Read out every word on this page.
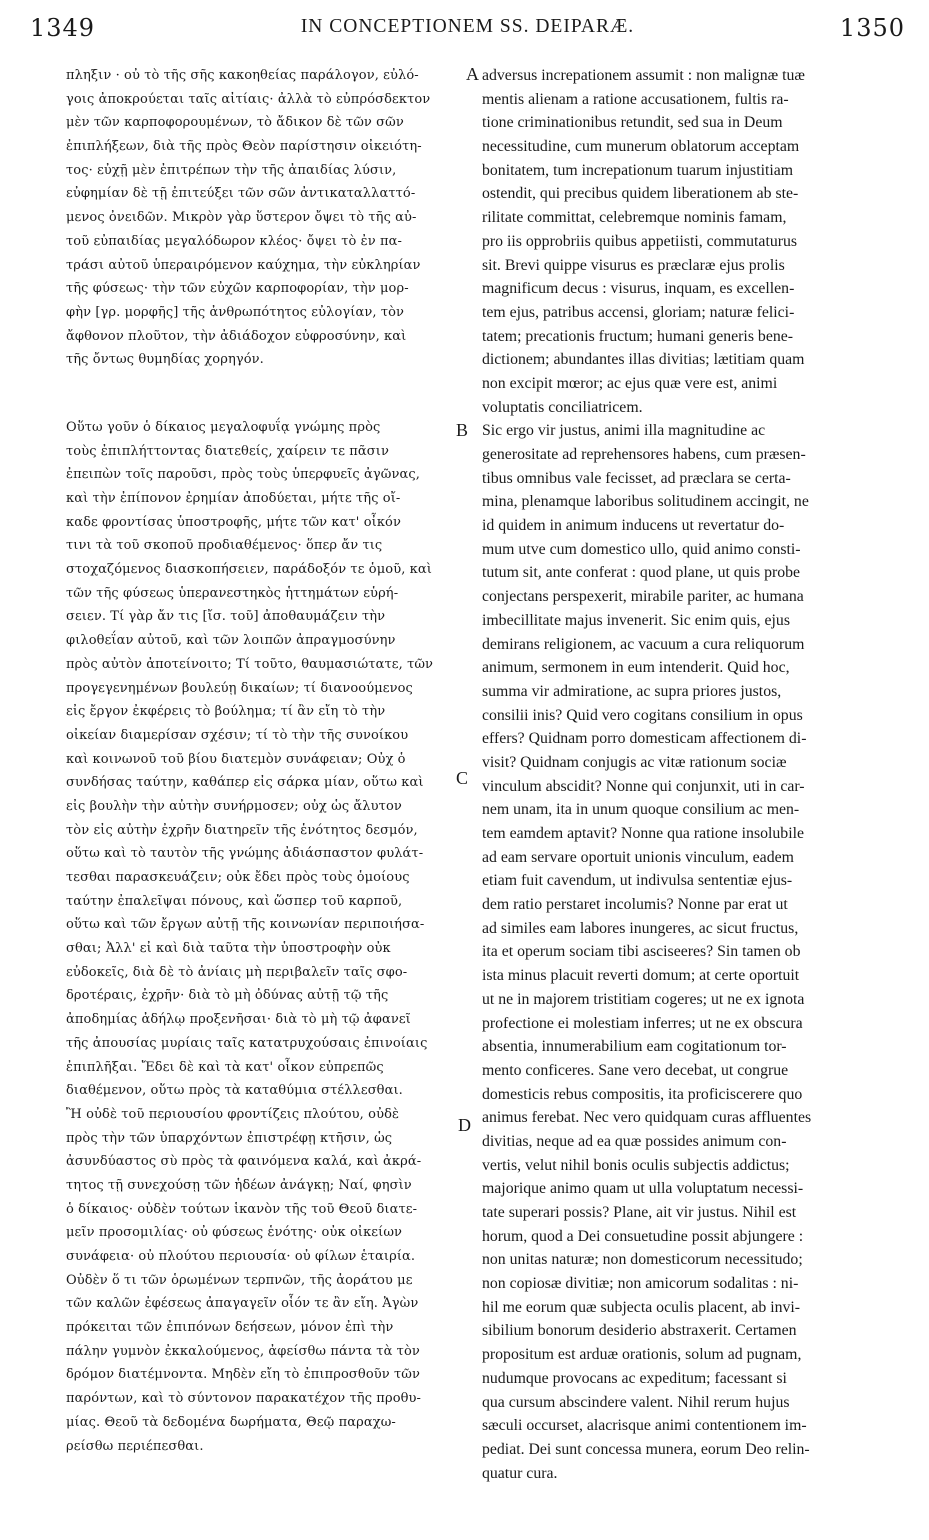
1349	IN CONCEPTIONEM SS. DEIPARÆ.	1350
πληξιν · οὐ τὸ τῆς σῆς κακοηθείας παράλογον, εὐλό-
γοις ἀποκρούεται ταῖς αἰτίαις· ἀλλὰ τὸ εὐπρόσδεκτον
μὲν τῶν καρποφορουμένων, τὸ ἄδικον δὲ τῶν σῶν
ἐπιπλήξεων, διὰ τῆς πρὸς Θεὸν παρίστησιν οἰκειότη-
τος· εὐχῇ μὲν ἐπιτρέπων τὴν τῆς ἀπαιδίας λύσιν,
εὐφημίαν δὲ τῇ ἐπιτεύξει τῶν σῶν ἀντικαταλλαττό-
μενος ὀνειδῶν. Μικρὸν γὰρ ὕστερον ὄψει τὸ τῆς αὐ-
τοῦ εὐπαιδίας μεγαλόδωρον κλέος· ὄψει τὸ ἐν πα-
τράσι αὐτοῦ ὑπεραιρόμενον καύχημα, τὴν εὐκληρίαν
τῆς φύσεως· τὴν τῶν εὐχῶν καρποφορίαν, τὴν μορ-
φὴν [γρ. μορφῆς] τῆς ἀνθρωπότητος εὐλογίαν, τὸν
ἄφθονον πλοῦτον, τὴν ἀδιάδοχον εὐφροσύνην, καὶ
τῆς ὄντως θυμηδίας χορηγόν.
Οὕτω γοῦν ὁ δίκαιος μεγαλοφυΐᾳ γνώμης πρὸς
τοὺς ἐπιπλήττοντας διατεθείς, χαίρειν τε πᾶσιν
ἐπειπὼν τοῖς παροῦσι, πρὸς τοὺς ὑπερφυεῖς ἀγῶνας,
καὶ τὴν ἐπίπονον ἐρημίαν ἀποδύεται, μήτε τῆς οἴ-
καδε φροντίσας ὑποστροφῆς, μήτε τῶν κατ' οἶκόν
τινι τὰ τοῦ σκοποῦ προδιαθέμενος· ὅπερ ἄν τις
στοχαζόμενος διασκοπήσειεν, παράδοξόν τε ὁμοῦ, καὶ
τῶν τῆς φύσεως ὑπερανεστηκὸς ἡττημάτων εὑρή-
σειεν. Τί γὰρ ἄν τις [ἴσ. τοῦ] ἀποθαυμάζειν τὴν
φιλοθεΐαν αὐτοῦ, καὶ τῶν λοιπῶν ἀπραγμοσύνην
πρὸς αὐτὸν ἀποτείνοιτο; Τί τοῦτο, θαυμασιώτατε, τῶν
προγεγενημένων βουλεύῃ δικαίων; τί διανοούμενος
εἰς ἔργον ἐκφέρεις τὸ βούλημα; τί ἂν εἴη τὸ τὴν
οἰκείαν διαμερίσαν σχέσιν; τί τὸ τὴν τῆς συνοίκου
καὶ κοινωνοῦ τοῦ βίου διατεμὸν συνάφειαν; Οὐχ ὁ
συνδήσας ταύτην, καθάπερ εἰς σάρκα μίαν, οὕτω καὶ
εἰς βουλὴν τὴν αὐτὴν συνήρμοσεν; οὐχ ὡς ἄλυτον
τὸν εἰς αὐτὴν ἐχρῆν διατηρεῖν τῆς ἑνότητος δεσμόν,
οὕτω καὶ τὸ ταυτὸν τῆς γνώμης ἀδιάσπαστον φυλάτ-
τεσθαι παρασκευάζειν; οὐκ ἔδει πρὸς τοὺς ὁμοίους
ταύτην ἐπαλεῖψαι πόνους, καὶ ὥσπερ τοῦ καρποῦ,
οὕτω καὶ τῶν ἔργων αὐτῇ τῆς κοινωνίαν περιποιήσα-
σθαι; Ἀλλ' εἰ καὶ διὰ ταῦτα τὴν ὑποστροφὴν οὐκ
εὐδοκεῖς, διὰ δὲ τὸ ἀνίαις μὴ περιβαλεῖν ταῖς σφο-
δροτέραις, ἐχρῆν· διὰ τὸ μὴ ὀδύνας αὐτῇ τῷ τῆς
ἀποδημίας ἀδήλῳ προξενῆσαι· διὰ τὸ μὴ τῷ ἀφανεῖ
τῆς ἀπουσίας μυρίαις ταῖς κατατρυχούσαις ἐπινοίαις
ἐπιπλῆξαι. Ἔδει δὲ καὶ τὰ κατ' οἶκον εὐπρεπῶς
διαθέμενον, οὕτω πρὸς τὰ καταθύμια στέλλεσθαι.
Ἢ οὐδὲ τοῦ περιουσίου φροντίζεις πλούτου, οὐδὲ
πρὸς τὴν τῶν ὑπαρχόντων ἐπιστρέφῃ κτῆσιν, ὡς
ἀσυνδύαστος σὺ πρὸς τὰ φαινόμενα καλά, καὶ ἀκρά-
τητος τῇ συνεχούσῃ τῶν ἡδέων ἀνάγκῃ; Ναί, φησὶν
ὁ δίκαιος· οὐδὲν τούτων ἱκανὸν τῆς τοῦ Θεοῦ διατε-
μεῖν προσομιλίας· οὐ φύσεως ἑνότης· οὐκ οἰκείων
συνάφεια· οὐ πλούτου περιουσία· οὐ φίλων ἑταιρία.
Οὐδὲν ὅ τι τῶν ὁρωμένων τερπνῶν, τῆς ἀοράτου με
τῶν καλῶν ἐφέσεως ἀπαγαγεῖν οἷόν τε ἂν εἴη. Ἀγὼν
πρόκειται τῶν ἐπιπόνων δεήσεων, μόνον ἐπὶ τὴν
πάλην γυμνὸν ἐκκαλούμενος, ἀφείσθω πάντα τὰ τὸν
δρόμον διατέμνοντα. Μηδὲν εἴη τὸ ἐπιπροσθοῦν τῶν
παρόντων, καὶ τὸ σύντονον παρακατέχον τῆς προθυ-
μίας. Θεοῦ τὰ δεδομένα δωρήματα, Θεῷ παραχω-
ρείσθω περιέπεσθαι.
adversus increpationem assumit : non malignæ tuæ
mentis alienam a ratione accusationem, fultis ra-
tione criminationibus retundit, sed sua in Deum
necessitudine, cum munerum oblatorum acceptam
bonitatem, tum increpationum tuarum injustitiam
ostendit, qui precibus quidem liberationem ab ste-
rilitate committat, celebremque nominis famam,
pro iis opprobriis quibus appetiisti, commutaturus
sit. Brevi quippe visurus es præclaræ ejus prolis
magnificum decus : visurus, inquam, es excellen-
tem ejus, patribus accensi, gloriam; naturæ felici-
tatem; precationis fructum; humani generis bene-
dictionem; abundantes illas divitias; lætitiam quam
non excipit mœror; ac ejus quæ vere est, animi
voluptatis conciliatricem.
Sic ergo vir justus, animi illa magnitudine ac
generositate ad reprehensores habens, cum præsen-
tibus omnibus vale fecisset, ad præclara se certa-
mina, plenamque laboribus solitudinem accingit, ne
id quidem in animum inducens ut revertatur do-
mum utve cum domestico ullo, quid animo consti-
tutum sit, ante conferat : quod plane, ut quis probe
conjectans perspexerit, mirabile pariter, ac humana
imbecillitate majus invenerit. Sic enim quis, ejus
demirans religionem, ac vacuum a cura reliquorum
animum, sermonem in eum intenderit. Quid hoc,
summa vir admiratione, ac supra priores justos,
consilii inis? Quid vero cogitans consilium in opus
effers? Quidnam porro domesticam affectionem di-
visit? Quidnam conjugis ac vitæ rationum sociæ
vinculum abscidit? Nonne qui conjunxit, uti in car-
nem unam, ita in unum quoque consilium ac men-
tem eamdem aptavit? Nonne qua ratione insolubile
ad eam servare oportuit unionis vinculum, eadem
etiam fuit cavendum, ut indivulsa sententiæ ejus-
dem ratio perstaret incolumis? Nonne par erat ut
ad similes eam labores inungeres, ac sicut fructus,
ita et operum sociam tibi asciseeres? Sin tamen ob
ista minus placuit reverti domum; at certe oportuit
ut ne in majorem tristitiam cogeres; ut ne ex ignota
profectione ei molestiam inferres; ut ne ex obscura
absentia, innumerabilium eam cogitationum tor-
mento conficeres. Sane vero decebat, ut congrue
domesticis rebus compositis, ita proficiscerere quo
animus ferebat. Nec vero quidquam curas affluentes
divitias, neque ad ea quæ possides animum con-
vertis, velut nihil bonis oculis subjectis addictus;
majorique animo quam ut ulla voluptatum necessi-
tate superari possis? Plane, ait vir justus. Nihil est
horum, quod a Dei consuetudine possit abjungere :
non unitas naturæ; non domesticorum necessitudo;
non copiosæ divitiæ; non amicorum sodalitas : ni-
hil me eorum quæ subjecta oculis placent, ab invi-
sibilium bonorum desiderio abstraxerit. Certamen
propositum est arduæ orationis, solum ad pugnam,
nudumque provocans ac expeditum; facessant si
qua cursum abscindere valent. Nihil rerum hujus
sæculi occurset, alacrisque animi contentionem im-
pediat. Dei sunt concessa munera, eorum Deo relin-
quatur cura.
A
B
C
D
